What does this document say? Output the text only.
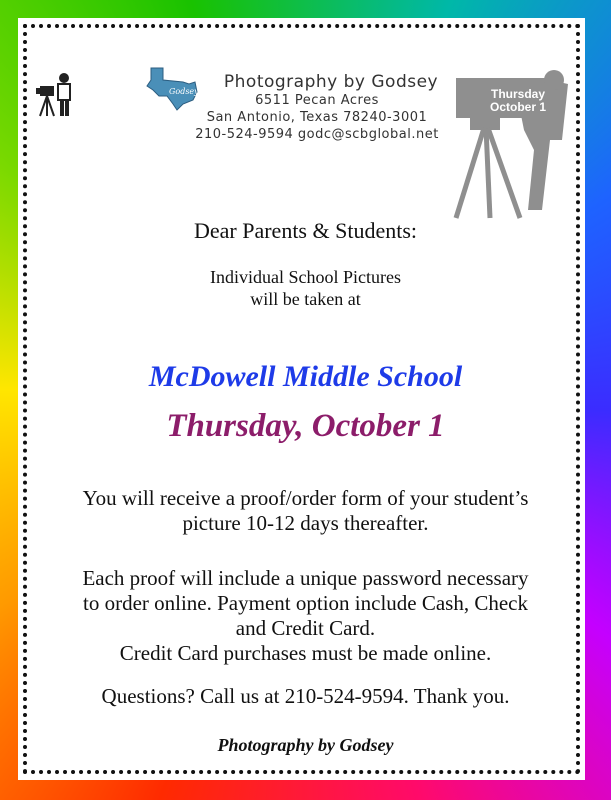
Godsey	Photography by Godsey
6511 Pecan Acres
San Antonio, Texas 78240-3001
210-524-9594 godc@scbglobal.net
Thursday
October 1
Dear Parents & Students:
Individual School Pictures
will be taken at
McDowell Middle School
Thursday, October 1
You will receive a proof/order form of your student’s
picture 10-12 days thereafter.
Each proof will include a unique password necessary
to order online. Payment option include Cash, Check
and Credit Card.
Credit Card purchases must be made online.
Questions? Call us at 210-524-9594. Thank you.
Photography by Godsey
